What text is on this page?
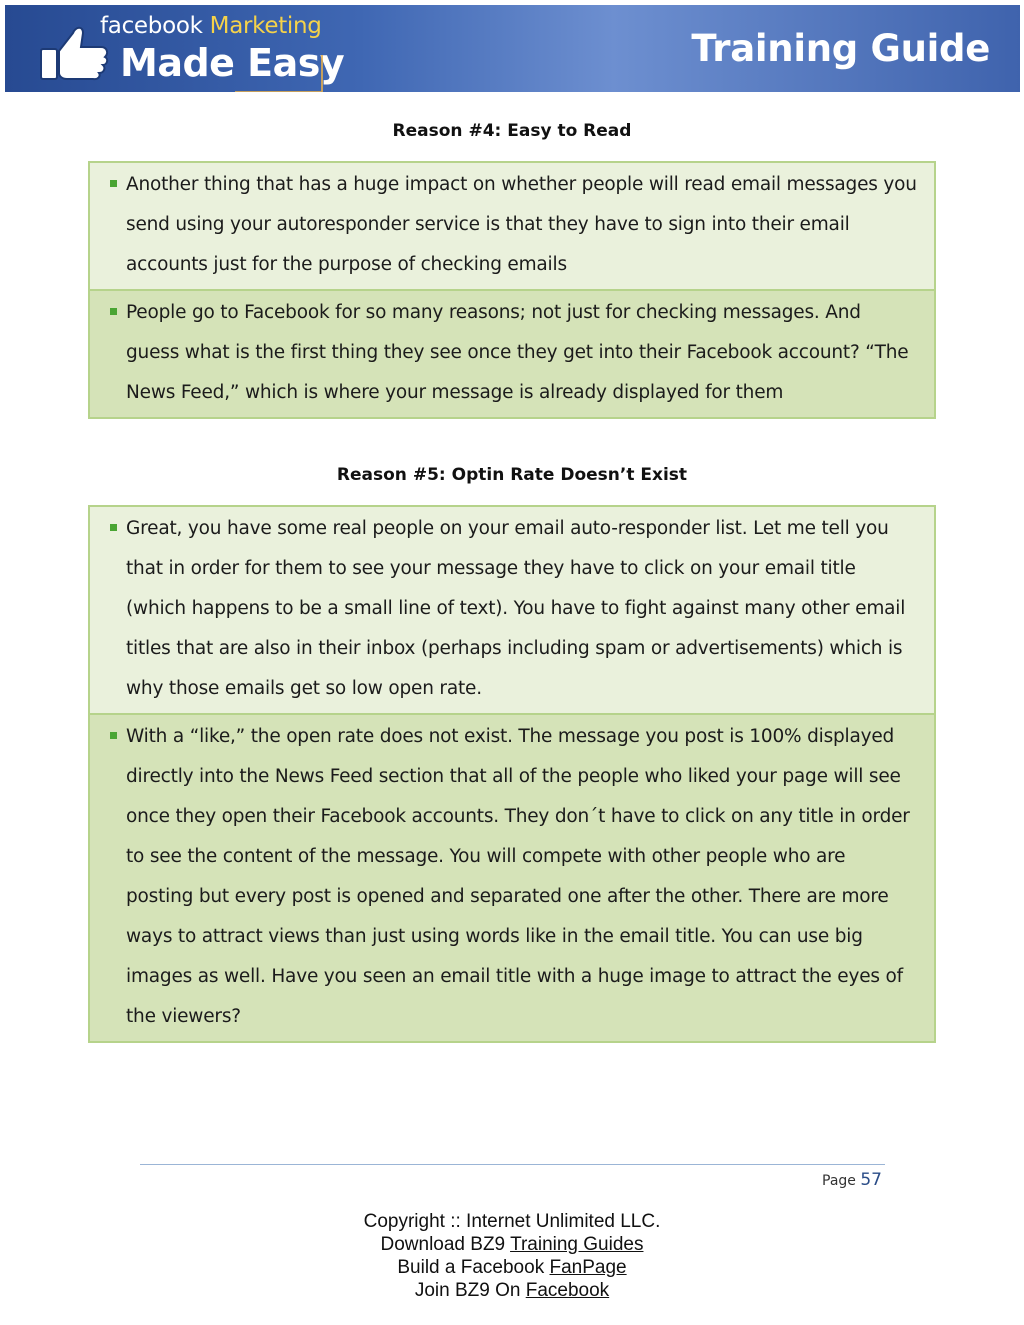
facebook Marketing
Made Easy	Training Guide
Reason #4: Easy to Read
Another thing that has a huge impact on whether people will read email messages you send using your autoresponder service is that they have to sign into their email accounts just for the purpose of checking emails
People go to Facebook for so many reasons; not just for checking messages. And guess what is the first thing they see once they get into their Facebook account? “The News Feed,” which is where your message is already displayed for them
Reason #5: Optin Rate Doesn’t Exist
Great, you have some real people on your email auto-responder list. Let me tell you that in order for them to see your message they have to click on your email title (which happens to be a small line of text). You have to fight against many other email titles that are also in their inbox (perhaps including spam or advertisements) which is why those emails get so low open rate.
With a “like,” the open rate does not exist. The message you post is 100% displayed directly into the News Feed section that all of the people who liked your page will see once they open their Facebook accounts. They don´t have to click on any title in order to see the content of the message. You will compete with other people who are posting but every post is opened and separated one after the other. There are more ways to attract views than just using words like in the email title. You can use big images as well. Have you seen an email title with a huge image to attract the eyes of the viewers?
Page 57
Copyright :: Internet Unlimited LLC.
Download BZ9 Training Guides
Build a Facebook FanPage
Join BZ9 On Facebook
